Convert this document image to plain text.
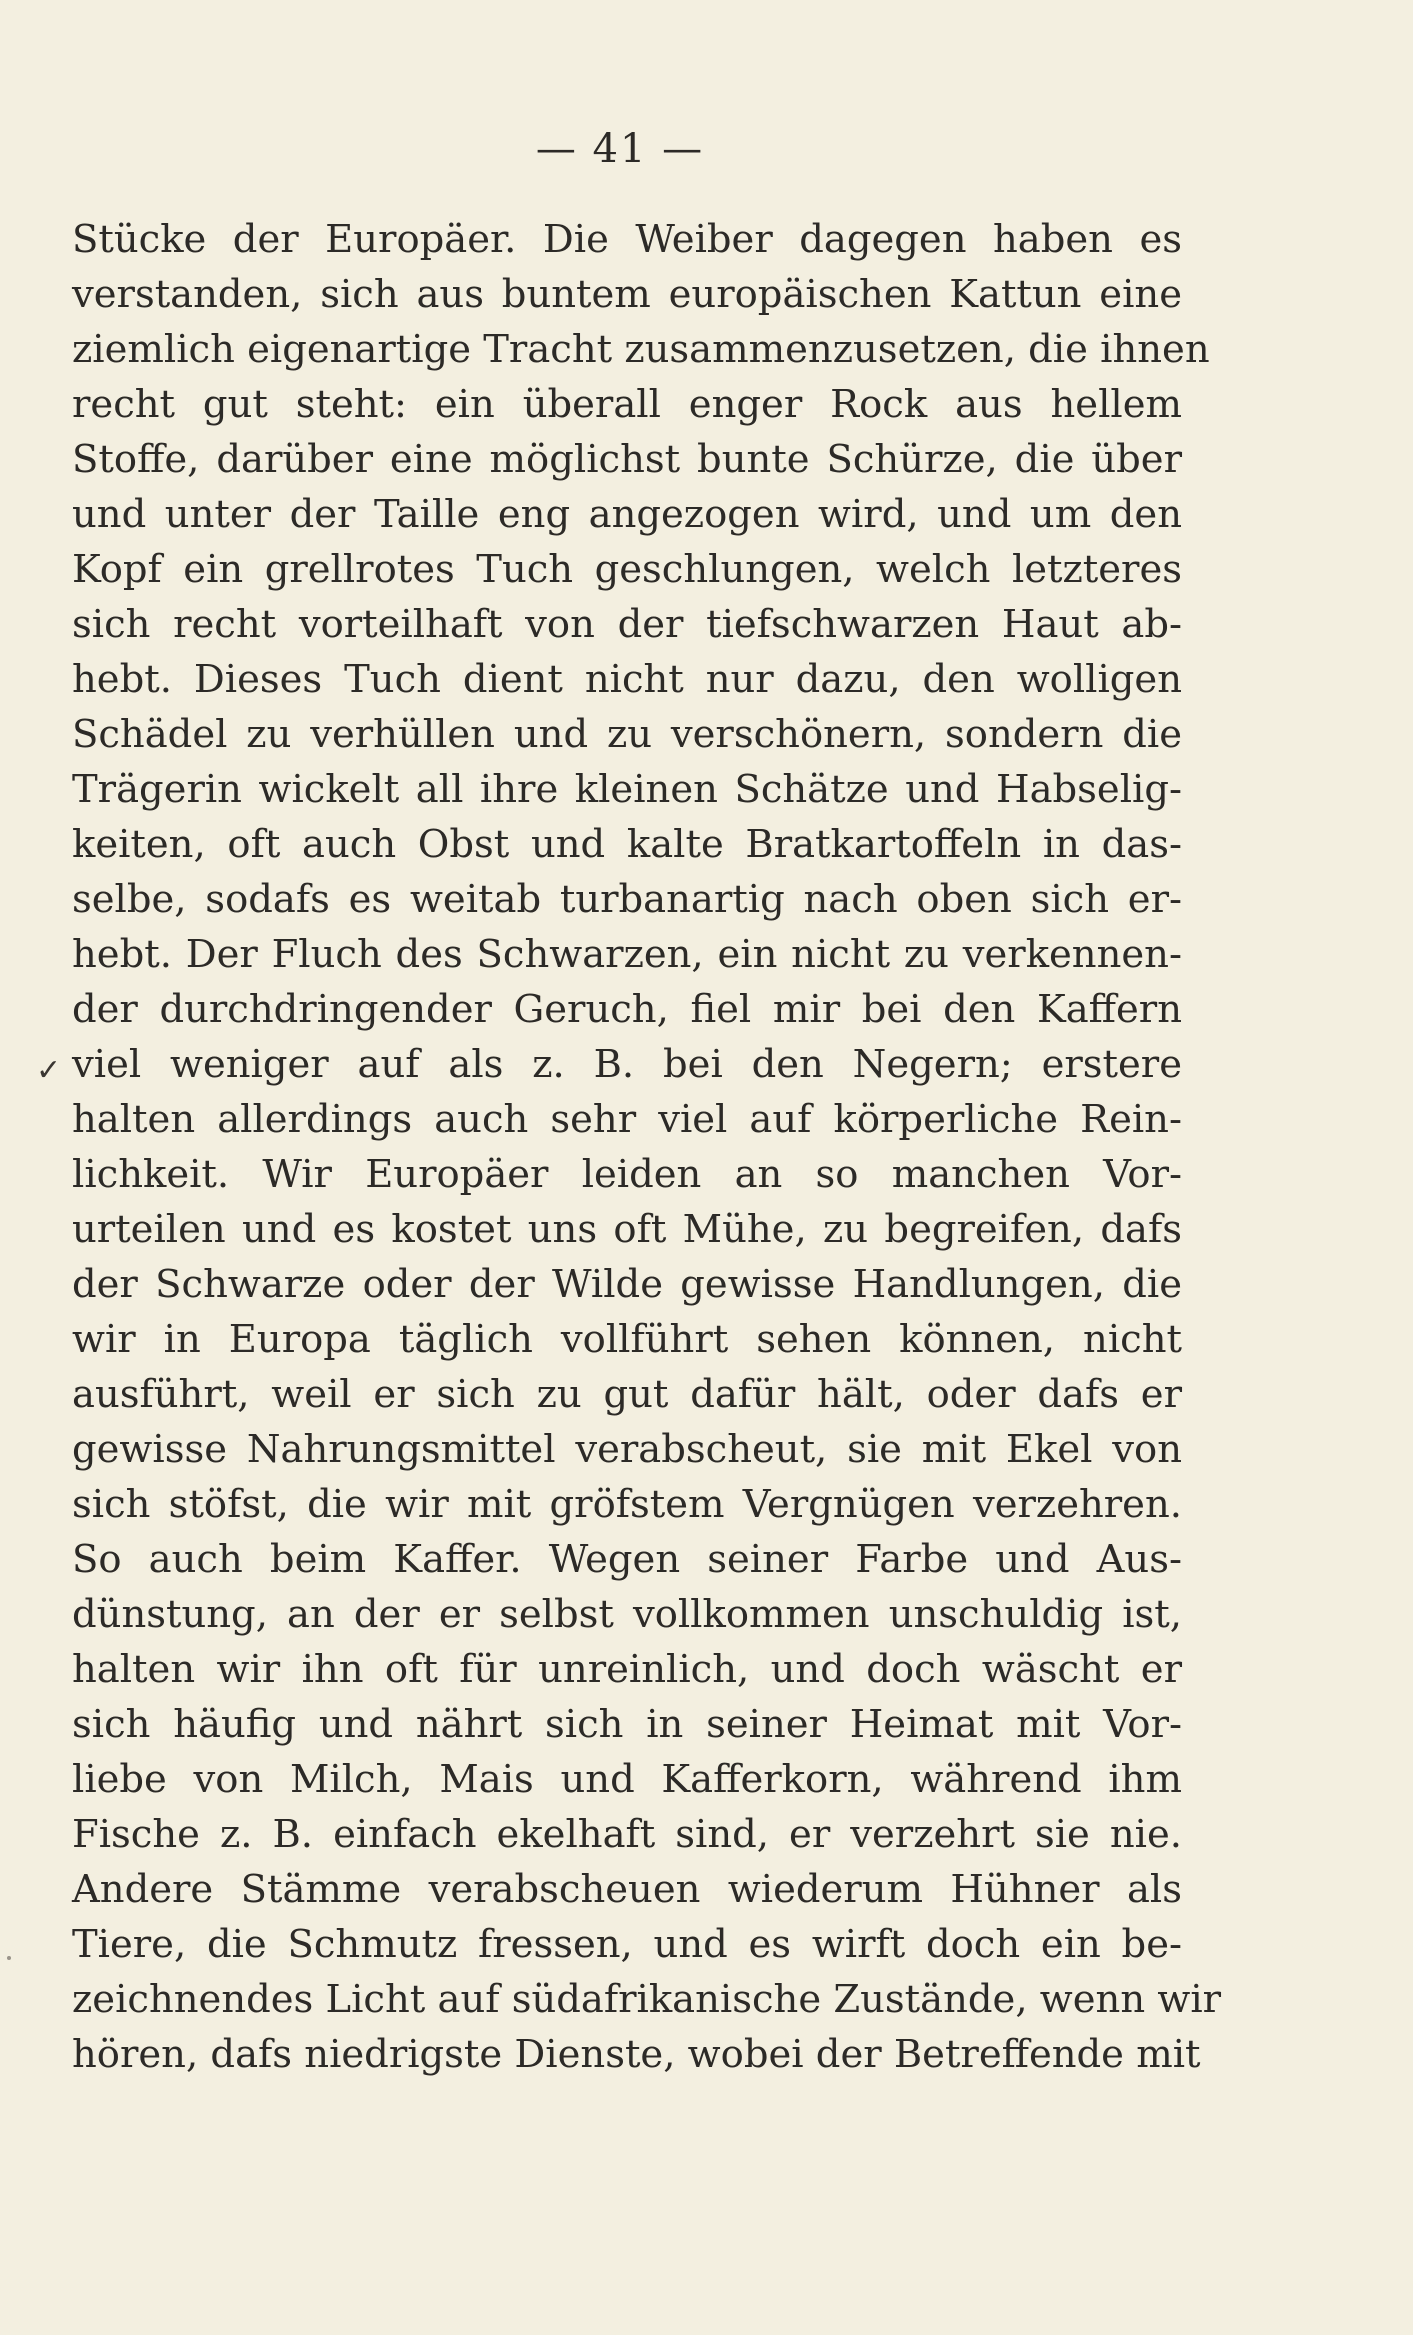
— 41 —
✓
Stücke der Europäer. Die Weiber dagegen haben es
verstanden, sich aus buntem europäischen Kattun eine
ziemlich eigenartige Tracht zusammenzusetzen, die ihnen
recht gut steht: ein überall enger Rock aus hellem
Stoffe, darüber eine möglichst bunte Schürze, die über
und unter der Taille eng angezogen wird, und um den
Kopf ein grellrotes Tuch geschlungen, welch letzteres
sich recht vorteilhaft von der tiefschwarzen Haut ab-
hebt. Dieses Tuch dient nicht nur dazu, den wolligen
Schädel zu verhüllen und zu verschönern, sondern die
Trägerin wickelt all ihre kleinen Schätze und Habselig-
keiten, oft auch Obst und kalte Bratkartoffeln in das-
selbe, sodafs es weitab turbanartig nach oben sich er-
hebt. Der Fluch des Schwarzen, ein nicht zu verkennen-
der durchdringender Geruch, fiel mir bei den Kaffern
viel weniger auf als z. B. bei den Negern; erstere
halten allerdings auch sehr viel auf körperliche Rein-
lichkeit. Wir Europäer leiden an so manchen Vor-
urteilen und es kostet uns oft Mühe, zu begreifen, dafs
der Schwarze oder der Wilde gewisse Handlungen, die
wir in Europa täglich vollführt sehen können, nicht
ausführt, weil er sich zu gut dafür hält, oder dafs er
gewisse Nahrungsmittel verabscheut, sie mit Ekel von
sich stöfst, die wir mit gröfstem Vergnügen verzehren.
So auch beim Kaffer. Wegen seiner Farbe und Aus-
dünstung, an der er selbst vollkommen unschuldig ist,
halten wir ihn oft für unreinlich, und doch wäscht er
sich häufig und nährt sich in seiner Heimat mit Vor-
liebe von Milch, Mais und Kafferkorn, während ihm
Fische z. B. einfach ekelhaft sind, er verzehrt sie nie.
Andere Stämme verabscheuen wiederum Hühner als
Tiere, die Schmutz fressen, und es wirft doch ein be-
zeichnendes Licht auf südafrikanische Zustände, wenn wir
hören, dafs niedrigste Dienste, wobei der Betreffende mit
